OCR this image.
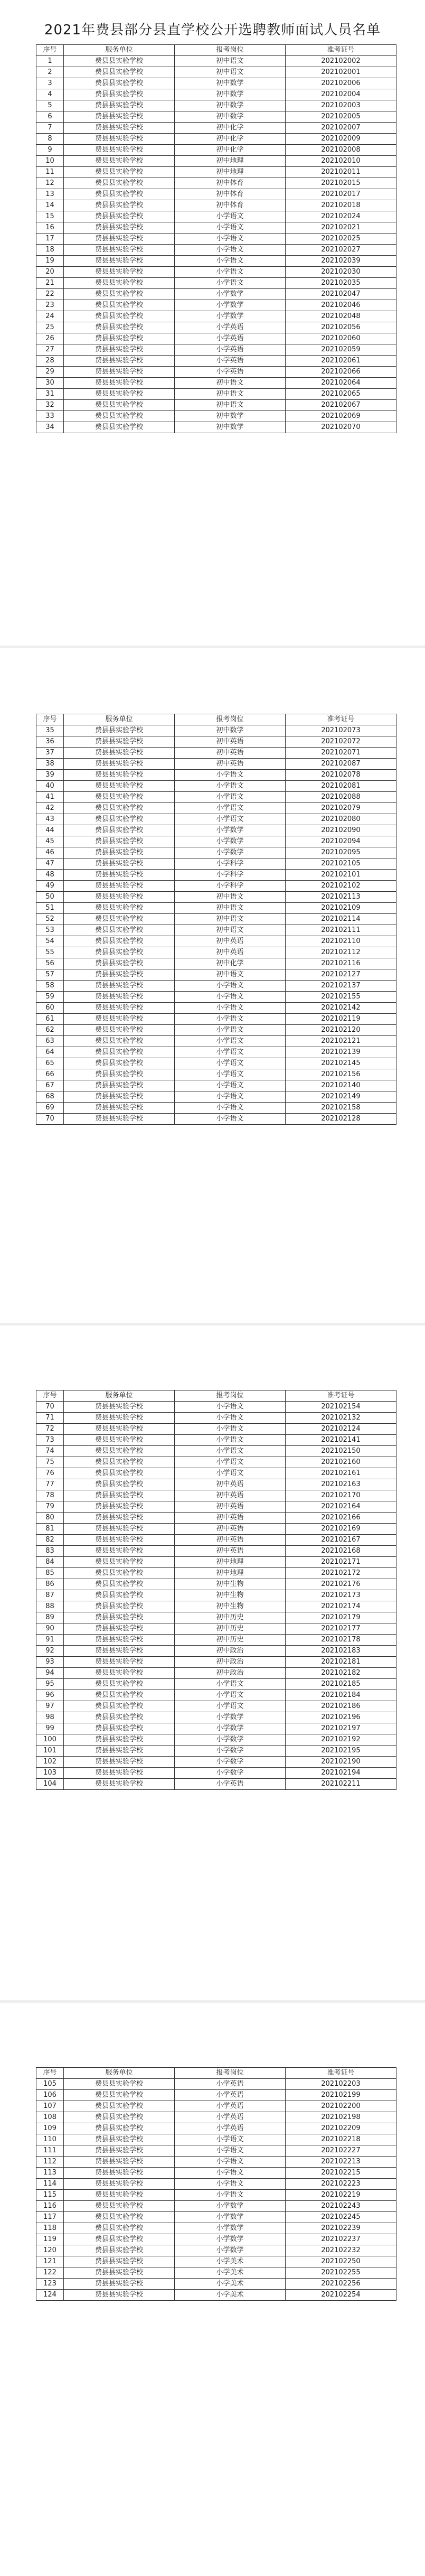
2021年费县部分县直学校公开选聘教师面试人员名单
序号	服务单位	报考岗位	准考证号
1	费县县实验学校	初中语文	202102002
2	费县县实验学校	初中语文	202102001
3	费县县实验学校	初中数学	202102006
4	费县县实验学校	初中数学	202102004
5	费县县实验学校	初中数学	202102003
6	费县县实验学校	初中数学	202102005
7	费县县实验学校	初中化学	202102007
8	费县县实验学校	初中化学	202102009
9	费县县实验学校	初中化学	202102008
10	费县县实验学校	初中地理	202102010
11	费县县实验学校	初中地理	202102011
12	费县县实验学校	初中体育	202102015
13	费县县实验学校	初中体育	202102017
14	费县县实验学校	初中体育	202102018
15	费县县实验学校	小学语文	202102024
16	费县县实验学校	小学语文	202102021
17	费县县实验学校	小学语文	202102025
18	费县县实验学校	小学语文	202102027
19	费县县实验学校	小学语文	202102039
20	费县县实验学校	小学语文	202102030
21	费县县实验学校	小学语文	202102035
22	费县县实验学校	小学数学	202102047
23	费县县实验学校	小学数学	202102046
24	费县县实验学校	小学数学	202102048
25	费县县实验学校	小学英语	202102056
26	费县县实验学校	小学英语	202102060
27	费县县实验学校	小学英语	202102059
28	费县县实验学校	小学英语	202102061
29	费县县实验学校	小学英语	202102066
30	费县县实验学校	初中语文	202102064
31	费县县实验学校	初中语文	202102065
32	费县县实验学校	初中语文	202102067
33	费县县实验学校	初中数学	202102069
34	费县县实验学校	初中数学	202102070
序号	服务单位	报考岗位	准考证号
35	费县县实验学校	初中数学	202102073
36	费县县实验学校	初中英语	202102072
37	费县县实验学校	初中英语	202102071
38	费县县实验学校	初中英语	202102087
39	费县县实验学校	小学语文	202102078
40	费县县实验学校	小学语文	202102081
41	费县县实验学校	小学语文	202102088
42	费县县实验学校	小学语文	202102079
43	费县县实验学校	小学语文	202102080
44	费县县实验学校	小学数学	202102090
45	费县县实验学校	小学数学	202102094
46	费县县实验学校	小学数学	202102095
47	费县县实验学校	小学科学	202102105
48	费县县实验学校	小学科学	202102101
49	费县县实验学校	小学科学	202102102
50	费县县实验学校	初中语文	202102113
51	费县县实验学校	初中语文	202102109
52	费县县实验学校	初中语文	202102114
53	费县县实验学校	初中语文	202102111
54	费县县实验学校	初中英语	202102110
55	费县县实验学校	初中英语	202102112
56	费县县实验学校	初中化学	202102116
57	费县县实验学校	初中语文	202102127
58	费县县实验学校	小学语文	202102137
59	费县县实验学校	小学语文	202102155
60	费县县实验学校	小学语文	202102142
61	费县县实验学校	小学语文	202102119
62	费县县实验学校	小学语文	202102120
63	费县县实验学校	小学语文	202102121
64	费县县实验学校	小学语文	202102139
65	费县县实验学校	小学语文	202102145
66	费县县实验学校	小学语文	202102156
67	费县县实验学校	小学语文	202102140
68	费县县实验学校	小学语文	202102149
69	费县县实验学校	小学语文	202102158
70	费县县实验学校	小学语文	202102128
序号	服务单位	报考岗位	准考证号
70	费县县实验学校	小学语文	202102154
71	费县县实验学校	小学语文	202102132
72	费县县实验学校	小学语文	202102124
73	费县县实验学校	小学语文	202102141
74	费县县实验学校	小学语文	202102150
75	费县县实验学校	小学语文	202102160
76	费县县实验学校	小学语文	202102161
77	费县县实验学校	初中英语	202102163
78	费县县实验学校	初中英语	202102170
79	费县县实验学校	初中英语	202102164
80	费县县实验学校	初中英语	202102166
81	费县县实验学校	初中英语	202102169
82	费县县实验学校	初中英语	202102167
83	费县县实验学校	初中英语	202102168
84	费县县实验学校	初中地理	202102171
85	费县县实验学校	初中地理	202102172
86	费县县实验学校	初中生物	202102176
87	费县县实验学校	初中生物	202102173
88	费县县实验学校	初中生物	202102174
89	费县县实验学校	初中历史	202102179
90	费县县实验学校	初中历史	202102177
91	费县县实验学校	初中历史	202102178
92	费县县实验学校	初中政治	202102183
93	费县县实验学校	初中政治	202102181
94	费县县实验学校	初中政治	202102182
95	费县县实验学校	小学语文	202102185
96	费县县实验学校	小学语文	202102184
97	费县县实验学校	小学语文	202102186
98	费县县实验学校	小学数学	202102196
99	费县县实验学校	小学数学	202102197
100	费县县实验学校	小学数学	202102192
101	费县县实验学校	小学数学	202102195
102	费县县实验学校	小学数学	202102190
103	费县县实验学校	小学数学	202102194
104	费县县实验学校	小学英语	202102211
序号	服务单位	报考岗位	准考证号
105	费县县实验学校	小学英语	202102203
106	费县县实验学校	小学英语	202102199
107	费县县实验学校	小学英语	202102200
108	费县县实验学校	小学英语	202102198
109	费县县实验学校	小学英语	202102209
110	费县县实验学校	小学语文	202102218
111	费县县实验学校	小学语文	202102227
112	费县县实验学校	小学语文	202102213
113	费县县实验学校	小学语文	202102215
114	费县县实验学校	小学语文	202102223
115	费县县实验学校	小学语文	202102219
116	费县县实验学校	小学数学	202102243
117	费县县实验学校	小学数学	202102245
118	费县县实验学校	小学数学	202102239
119	费县县实验学校	小学数学	202102237
120	费县县实验学校	小学数学	202102232
121	费县县实验学校	小学美术	202102250
122	费县县实验学校	小学美术	202102255
123	费县县实验学校	小学美术	202102256
124	费县县实验学校	小学美术	202102254
